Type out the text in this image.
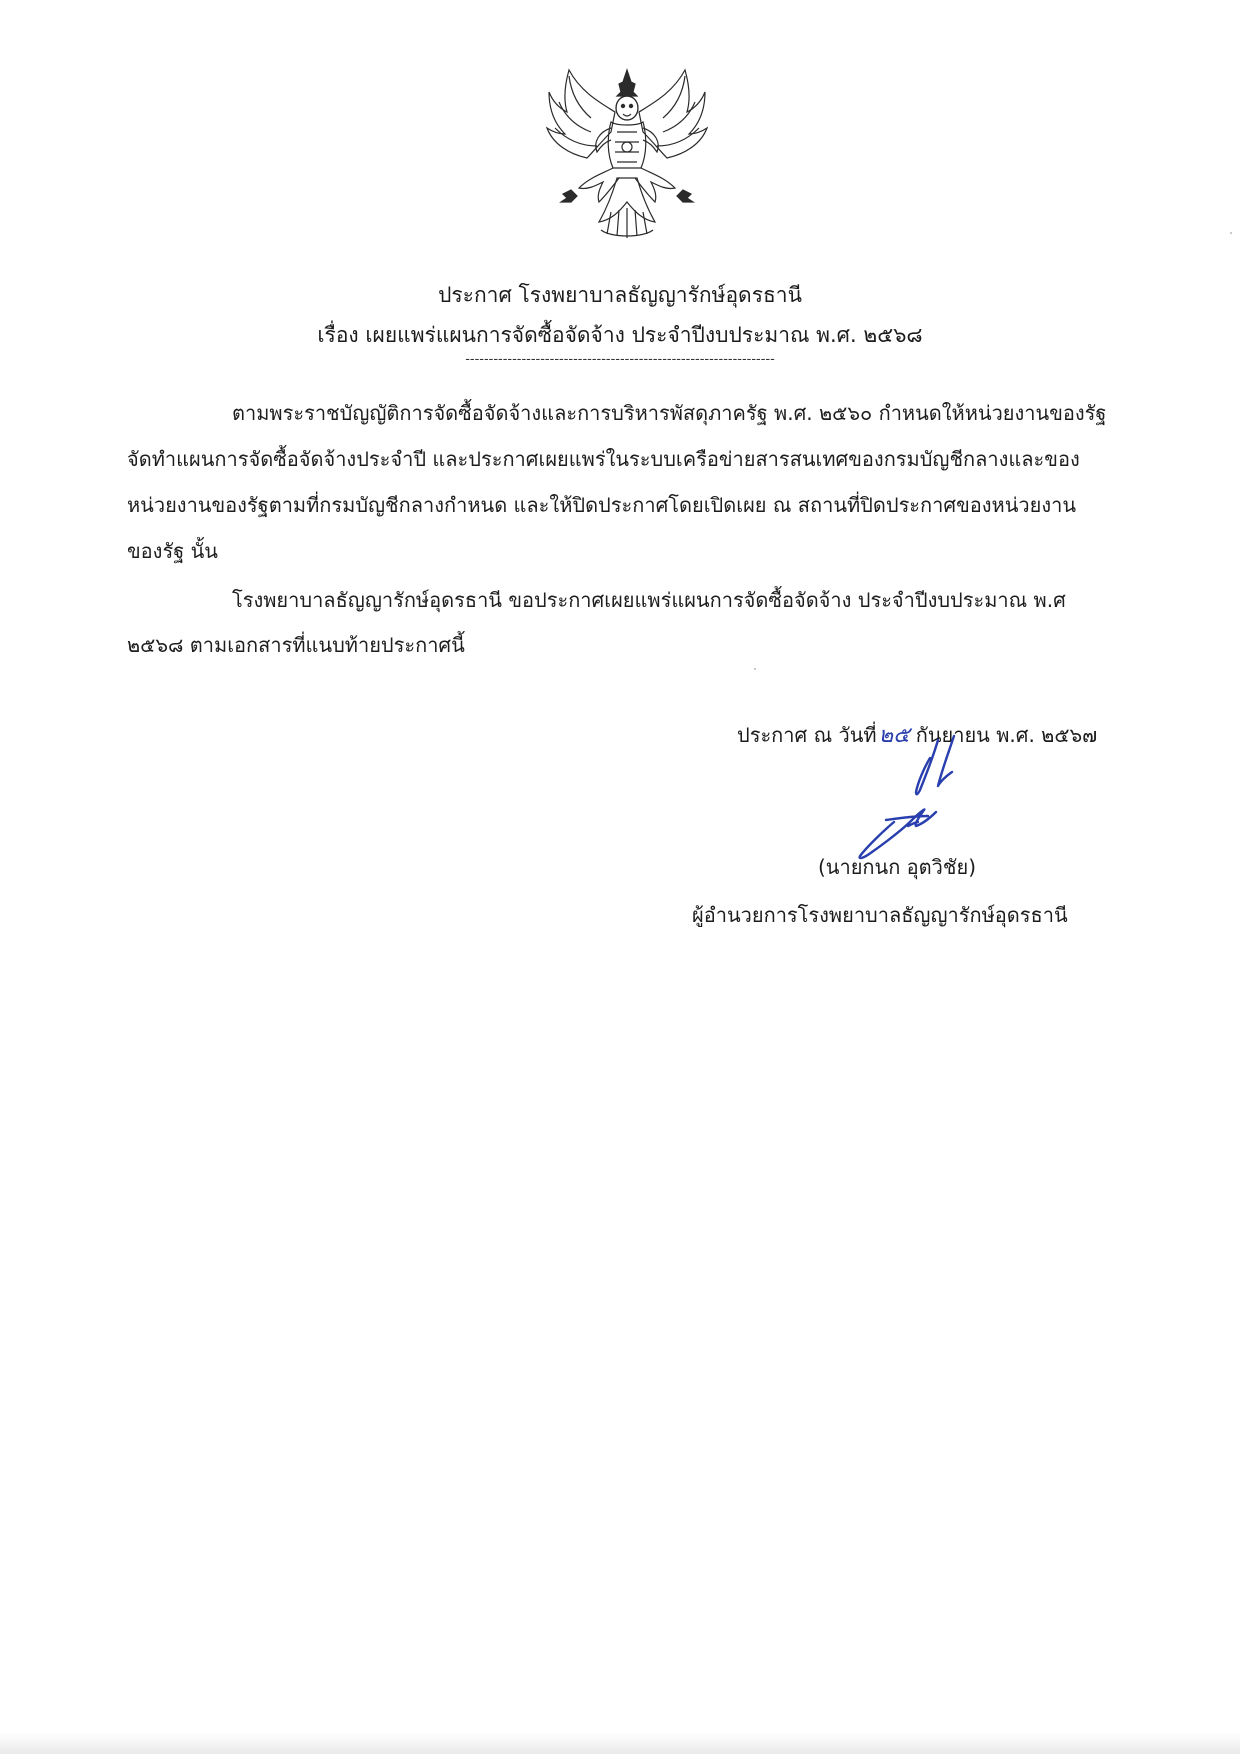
ประกาศ โรงพยาบาลธัญญารักษ์อุดรธานี
เรื่อง เผยแพร่แผนการจัดซื้อจัดจ้าง ประจำปีงบประมาณ พ.ศ. ๒๕๖๘
------------------------------------------------------------------
ตามพระราชบัญญัติการจัดซื้อจัดจ้างและการบริหารพัสดุภาครัฐ พ.ศ. ๒๕๖๐ กำหนดให้หน่วยงานของรัฐ
จัดทำแผนการจัดซื้อจัดจ้างประจำปี และประกาศเผยแพร่ในระบบเครือข่ายสารสนเทศของกรมบัญชีกลางและของ
หน่วยงานของรัฐตามที่กรมบัญชีกลางกำหนด และให้ปิดประกาศโดยเปิดเผย ณ สถานที่ปิดประกาศของหน่วยงาน
ของรัฐ นั้น
โรงพยาบาลธัญญารักษ์อุดรธานี ขอประกาศเผยแพร่แผนการจัดซื้อจัดจ้าง ประจำปีงบประมาณ พ.ศ
๒๕๖๘ ตามเอกสารที่แนบท้ายประกาศนี้
ประกาศ ณ วันที่๒๕ กันยายน พ.ศ. ๒๕๖๗
(นายกนก อุตวิชัย)
ผู้อำนวยการโรงพยาบาลธัญญารักษ์อุดรธานี
